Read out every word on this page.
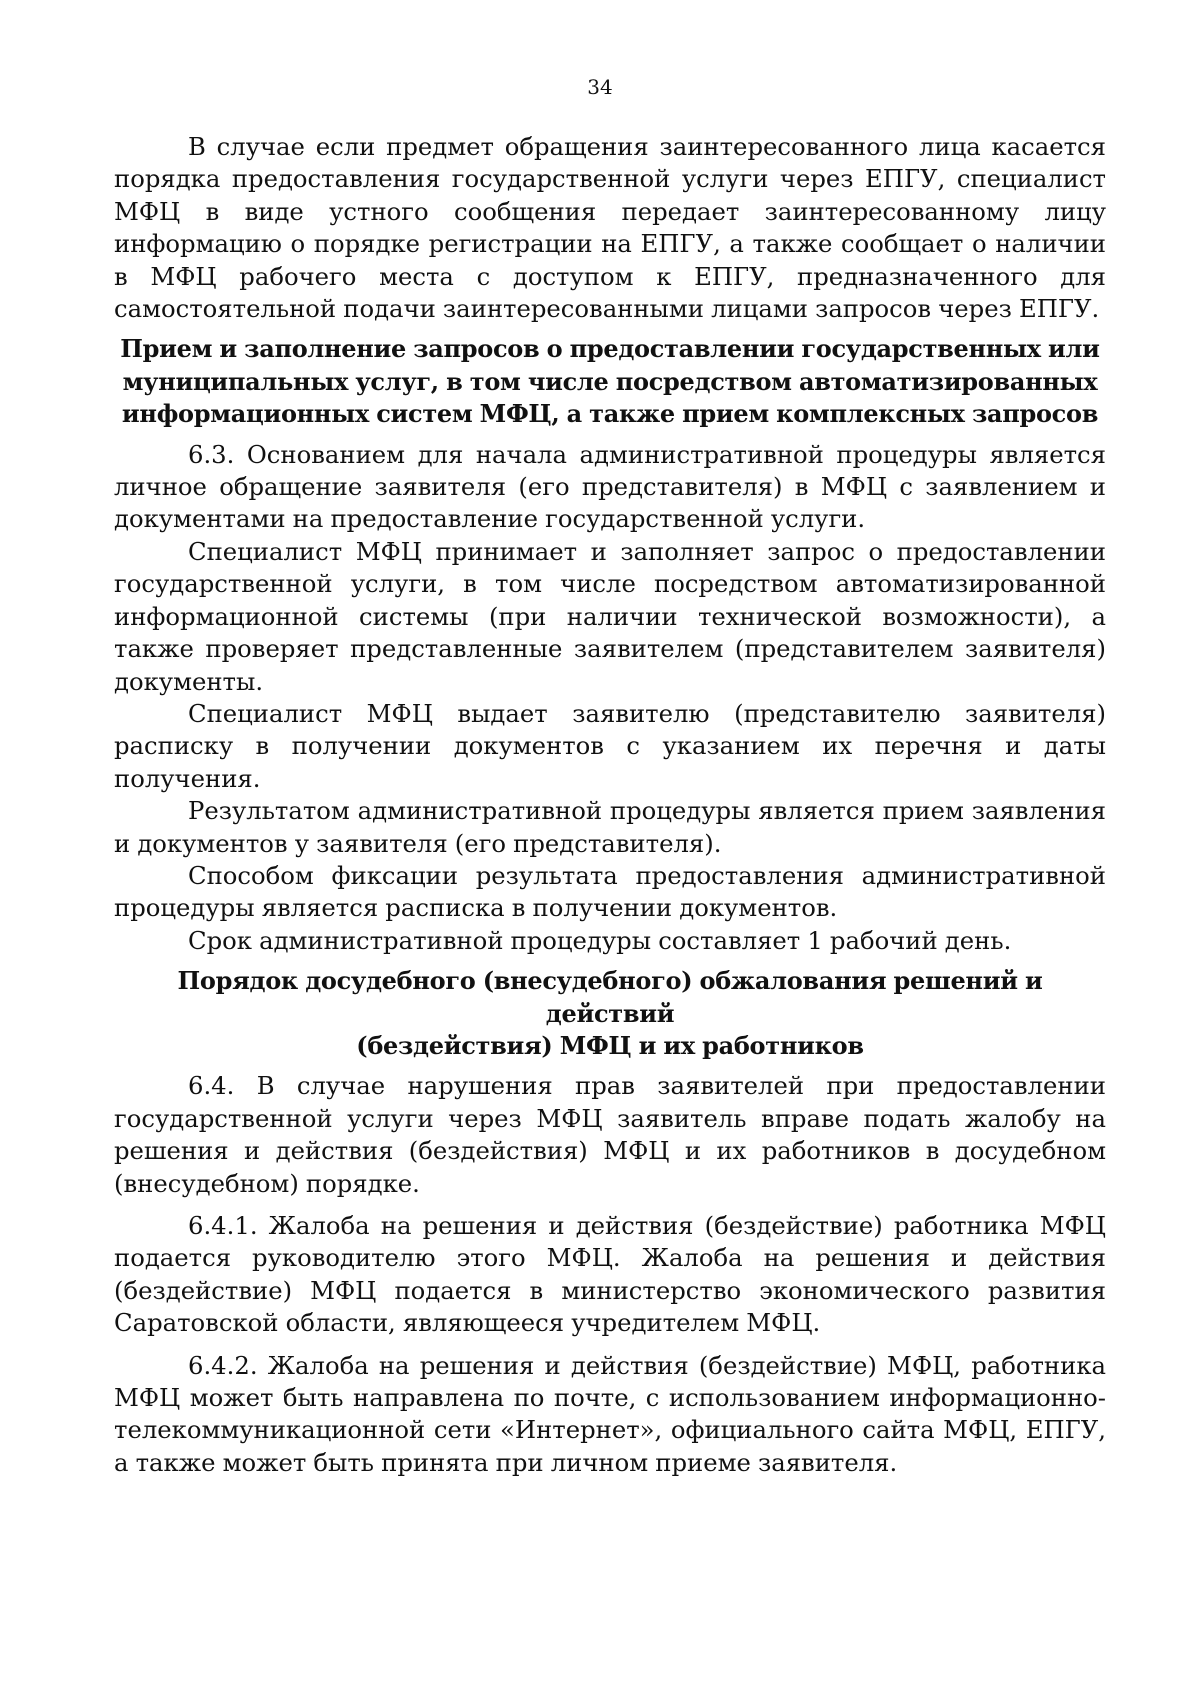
34

В случае если предмет обращения заинтересованного лица касается порядка предоставления государственной услуги через ЕПГУ, специалист МФЦ в виде устного сообщения передает заинтересованному лицу информацию о порядке регистрации на ЕПГУ, а также сообщает о наличии в МФЦ рабочего места с доступом к ЕПГУ, предназначенного для самостоятельной подачи заинтересованными лицами запросов через ЕПГУ.

Прием и заполнение запросов о предоставлении государственных или
муниципальных услуг, в том числе посредством автоматизированных
информационных систем МФЦ, а также прием комплексных запросов

6.3. Основанием для начала административной процедуры является личное обращение заявителя (его представителя) в МФЦ с заявлением и документами на предоставление государственной услуги.

Специалист МФЦ принимает и заполняет запрос о предоставлении государственной услуги, в том числе посредством автоматизированной информационной системы (при наличии технической возможности), а также проверяет представленные заявителем (представителем заявителя) документы.

Специалист МФЦ выдает заявителю (представителю заявителя) расписку в получении документов с указанием их перечня и даты получения.

Результатом административной процедуры является прием заявления и документов у заявителя (его представителя).

Способом фиксации результата предоставления административной процедуры является расписка в получении документов.

Срок административной процедуры составляет 1 рабочий день.

Порядок досудебного (внесудебного) обжалования решений и действий
(бездействия) МФЦ и их работников

6.4. В случае нарушения прав заявителей при предоставлении государственной услуги через МФЦ заявитель вправе подать жалобу на решения и действия (бездействия) МФЦ и их работников в досудебном (внесудебном) порядке.

6.4.1. Жалоба на решения и действия (бездействие) работника МФЦ подается руководителю этого МФЦ. Жалоба на решения и действия (бездействие) МФЦ подается в министерство экономического развития Саратовской области, являющееся учредителем МФЦ.

6.4.2. Жалоба на решения и действия (бездействие) МФЦ, работника МФЦ может быть направлена по почте, с использованием информационно-телекоммуникационной сети «Интернет», официального сайта МФЦ, ЕПГУ, а также может быть принята при личном приеме заявителя.
